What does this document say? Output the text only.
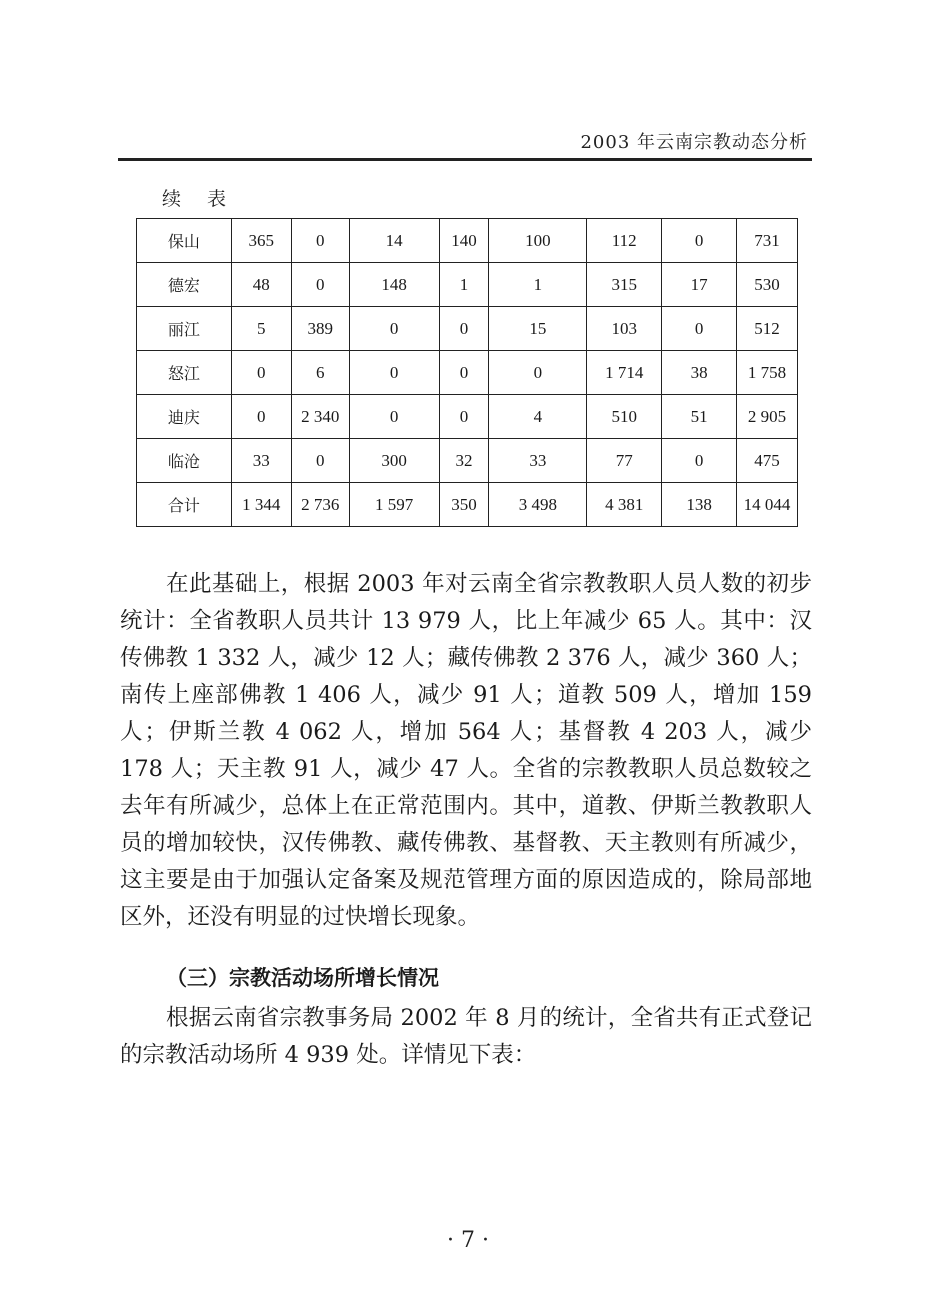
2003 年云南宗教动态分析
续 表
保山	365	0	14	140	100	112	0	731
德宏	48	0	148	1	1	315	17	530
丽江	5	389	0	0	15	103	0	512
怒江	0	6	0	0	0	1 714	38	1 758
迪庆	0	2 340	0	0	4	510	51	2 905
临沧	33	0	300	32	33	77	0	475
合计	1 344	2 736	1 597	350	3 498	4 381	138	14 044

在此基础上，根据 2003 年对云南全省宗教教职人员人数的初步统计：全省教职人员共计 13 979 人，比上年减少 65 人。其中：汉传佛教 1 332 人，减少 12 人；藏传佛教 2 376 人，减少 360 人；南传上座部佛教 1 406 人，减少 91 人；道教 509 人，增加 159 人；伊斯兰教 4 062 人，增加 564 人；基督教 4 203 人，减少 178 人；天主教 91 人，减少 47 人。全省的宗教教职人员总数较之去年有所减少，总体上在正常范围内。其中，道教、伊斯兰教教职人员的增加较快，汉传佛教、藏传佛教、基督教、天主教则有所减少，这主要是由于加强认定备案及规范管理方面的原因造成的，除局部地区外，还没有明显的过快增长现象。

（三）宗教活动场所增长情况

根据云南省宗教事务局 2002 年 8 月的统计，全省共有正式登记的宗教活动场所 4 939 处。详情见下表：

· 7 ·
